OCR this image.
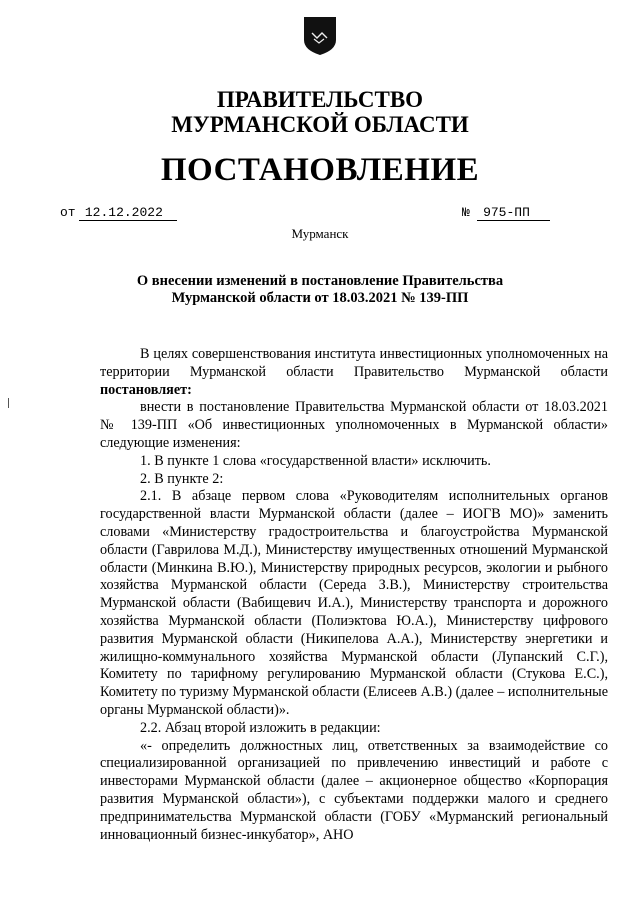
ПРАВИТЕЛЬСТВО
МУРМАНСКОЙ ОБЛАСТИ
ПОСТАНОВЛЕНИЕ
от 12.12.2022	№ 975-ПП
Мурманск
О внесении изменений в постановление Правительства
Мурманской области от 18.03.2021 № 139-ПП

В целях совершенствования института инвестиционных уполномоченных на территории Мурманской области Правительство Мурманской области постановляет:

внести в постановление Правительства Мурманской области от 18.03.2021 № 139-ПП «Об инвестиционных уполномоченных в Мурманской области» следующие изменения:

1. В пункте 1 слова «государственной власти» исключить.

2. В пункте 2:

2.1. В абзаце первом слова «Руководителям исполнительных органов государственной власти Мурманской области (далее – ИОГВ МО)» заменить словами «Министерству градостроительства и благоустройства Мурманской области (Гаврилова М.Д.), Министерству имущественных отношений Мурманской области (Минкина В.Ю.), Министерству природных ресурсов, экологии и рыбного хозяйства Мурманской области (Середа З.В.), Министерству строительства Мурманской области (Вабищевич И.А.), Министерству транспорта и дорожного хозяйства Мурманской области (Полиэктова Ю.А.), Министерству цифрового развития Мурманской области (Никипелова А.А.), Министерству энергетики и жилищно-коммунального хозяйства Мурманской области (Лупанский С.Г.), Комитету по тарифному регулированию Мурманской области (Стукова Е.С.), Комитету по туризму Мурманской области (Елисеев А.В.) (далее – исполнительные органы Мурманской области)».

2.2. Абзац второй изложить в редакции:

«- определить должностных лиц, ответственных за взаимодействие со специализированной организацией по привлечению инвестиций и работе с инвесторами Мурманской области (далее – акционерное общество «Корпорация развития Мурманской области»), с субъектами поддержки малого и среднего предпринимательства Мурманской области (ГОБУ «Мурманский региональный инновационный бизнес-инкубатор», АНО
